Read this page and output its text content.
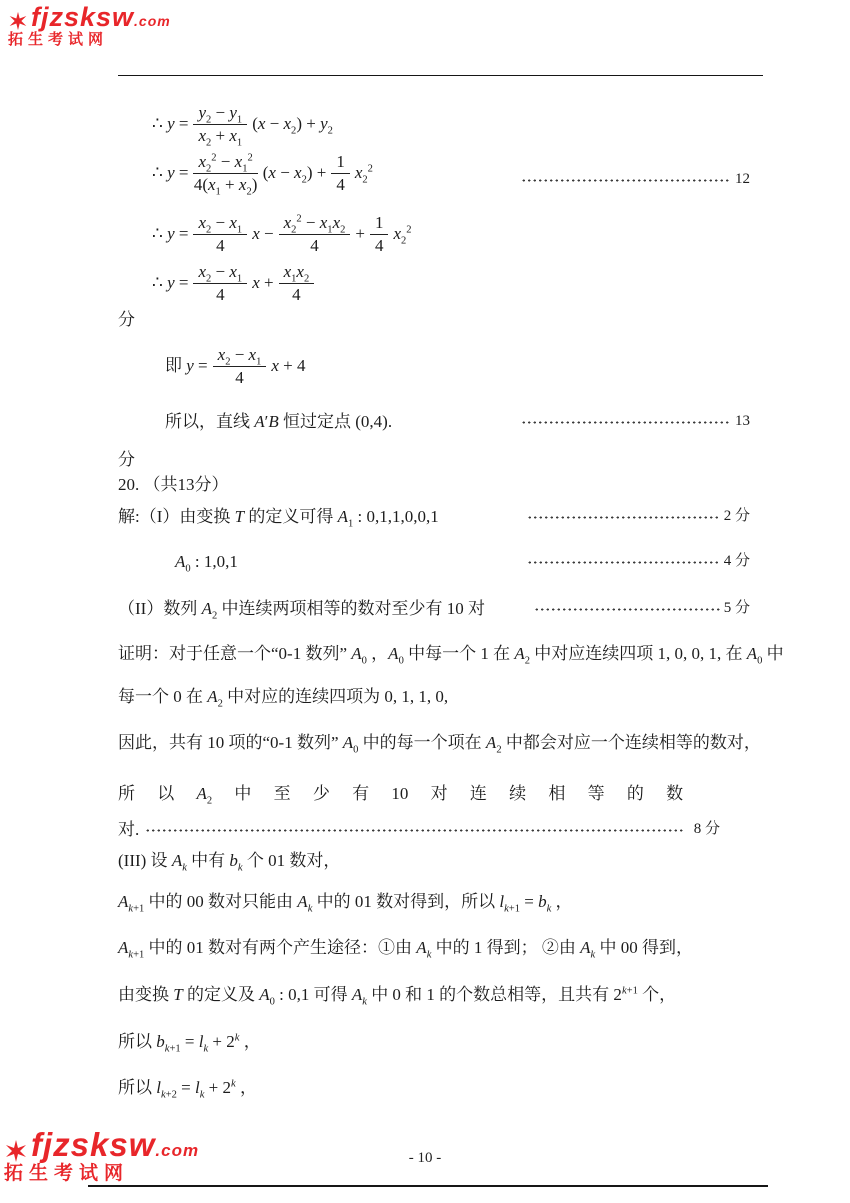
fjzsksw.com
拓生考试网
∴ $y = \frac{y_2 - y_1}{x_2 + x_1} (x - x_2) + y_2$
∴ $y = \frac{x_2^2 - x_1^2}{4(x_1 + x_2)} (x - x_2) + \frac{1}{4} x_2^2$
12
∴ $y = \frac{x_2 - x_1}{4}$ $x - \frac{x_2^2 - x_1x_2}{4} + \frac{1}{4} x_2^2$
∴ $y = \frac{x_2 - x_1}{4}$ $x + \frac{x_1x_2}{4}$
分
即 $y = \frac{x_2 - x_1}{4}$ x + 4
所以，直线 A′B 恒过定点 (0,4).	13
分
20. （共13分）
解:（I）由变换 T 的定义可得 $A_1$ : 0,1,1,0,0,1	2 分
$A_0$ : 1,0,1	4 分
（II）数列 $A_2$ 中连续两项相等的数对至少有 10 对	5 分
证明：对于任意一个“0-1 数列” $A_0$ ，$A_0$ 中每一个 1 在 $A_2$ 中对应连续四项 1, 0, 0, 1, 在 $A_0$ 中
每一个 0 在 $A_2$ 中对应的连续四项为 0, 1, 1, 0,
因此，共有 10 项的“0-1 数列” $A_0$ 中的每一个项在 $A_2$ 中都会对应一个连续相等的数对，
所 以 $A_2$ 中 至 少 有 10 对 连 续 相 等 的 数
对.	8 分
(III) 设 $A_k$ 中有 $b_k$ 个 01 数对，
$A_{k+1}$ 中的 00 数对只能由 $A_k$ 中的 01 数对得到，所以 $l_{k+1} = b_k$ ，
$A_{k+1}$ 中的 01 数对有两个产生途径：①由 $A_k$ 中的 1 得到； ②由 $A_k$ 中 00 得到，
由变换 T 的定义及 $A_0$ : 0,1 可得 $A_k$ 中 0 和 1 的个数总相等，且共有 $2^{k+1}$ 个，
所以 $b_{k+1} = l_k + 2^k$ ，
所以 $l_{k+2} = l_k + 2^k$ ，
- 10 -
fjzsksw.com
拓生考试网
